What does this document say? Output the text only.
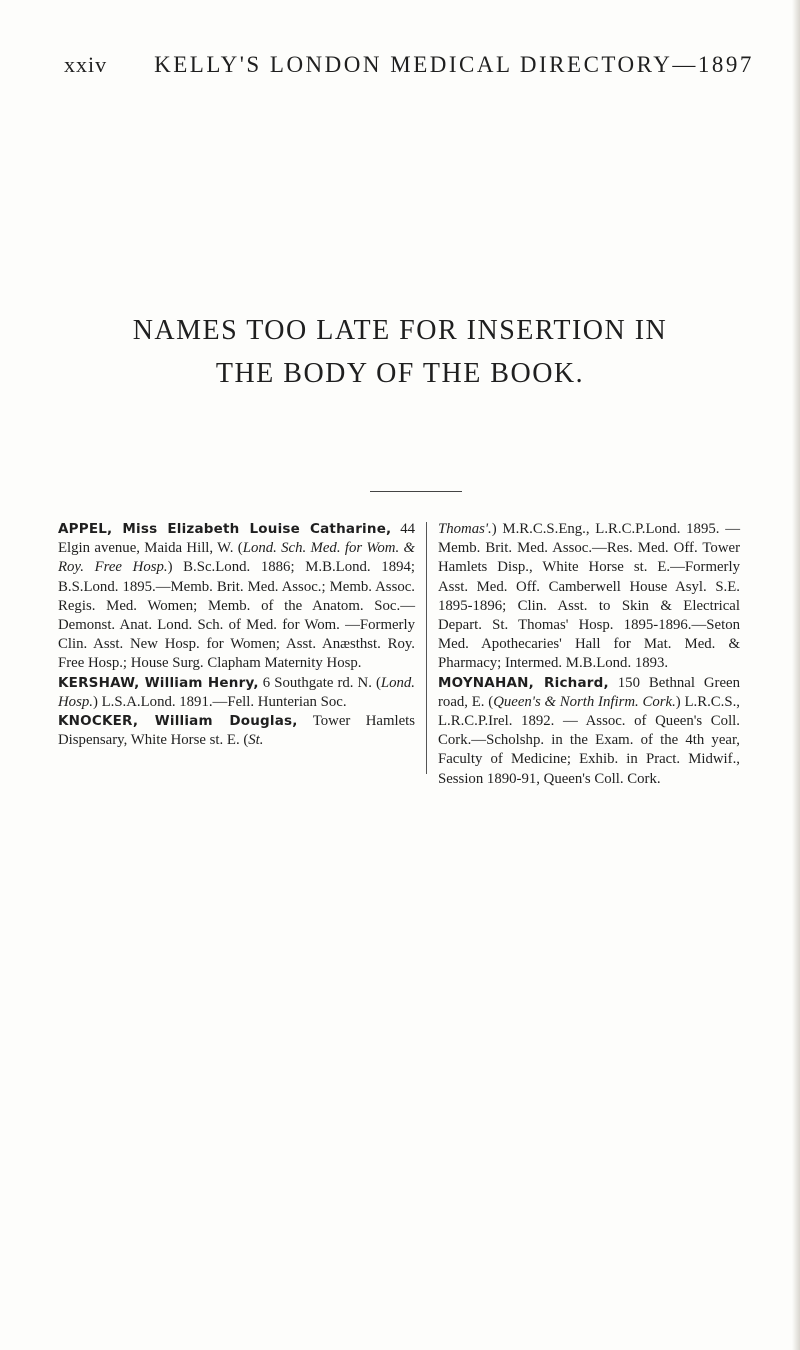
xxiv	KELLY'S LONDON MEDICAL DIRECTORY—1897
NAMES TOO LATE FOR INSERTION IN
THE BODY OF THE BOOK.

APPEL, Miss Elizabeth Louise Catharine, 44 Elgin avenue, Maida Hill, W. (Lond. Sch. Med. for Wom. & Roy. Free Hosp.) B.Sc.Lond. 1886; M.B.Lond. 1894; B.S.Lond. 1895.—Memb. Brit. Med. Assoc.; Memb. Assoc. Regis. Med. Women; Memb. of the Anatom. Soc.—Demonst. Anat. Lond. Sch. of Med. for Wom. —Formerly Clin. Asst. New Hosp. for Women; Asst. Anæsthst. Roy. Free Hosp.; House Surg. Clapham Maternity Hosp.

KERSHAW, William Henry, 6 Southgate rd. N. (Lond. Hosp.) L.S.A.Lond. 1891.—Fell. Hunterian Soc.

KNOCKER, William Douglas, Tower Hamlets Dispensary, White Horse st. E. (St.

Thomas'.) M.R.C.S.Eng., L.R.C.P.Lond. 1895. —Memb. Brit. Med. Assoc.—Res. Med. Off. Tower Hamlets Disp., White Horse st. E.—Formerly Asst. Med. Off. Camberwell House Asyl. S.E. 1895-1896; Clin. Asst. to Skin & Electrical Depart. St. Thomas' Hosp. 1895-1896.—Seton Med. Apothecaries' Hall for Mat. Med. & Pharmacy; Intermed. M.B.Lond. 1893.

MOYNAHAN, Richard, 150 Bethnal Green road, E. (Queen's & North Infirm. Cork.) L.R.C.S., L.R.C.P.Irel. 1892. — Assoc. of Queen's Coll. Cork.—Scholshp. in the Exam. of the 4th year, Faculty of Medicine; Exhib. in Pract. Midwif., Session 1890-91, Queen's Coll. Cork.
